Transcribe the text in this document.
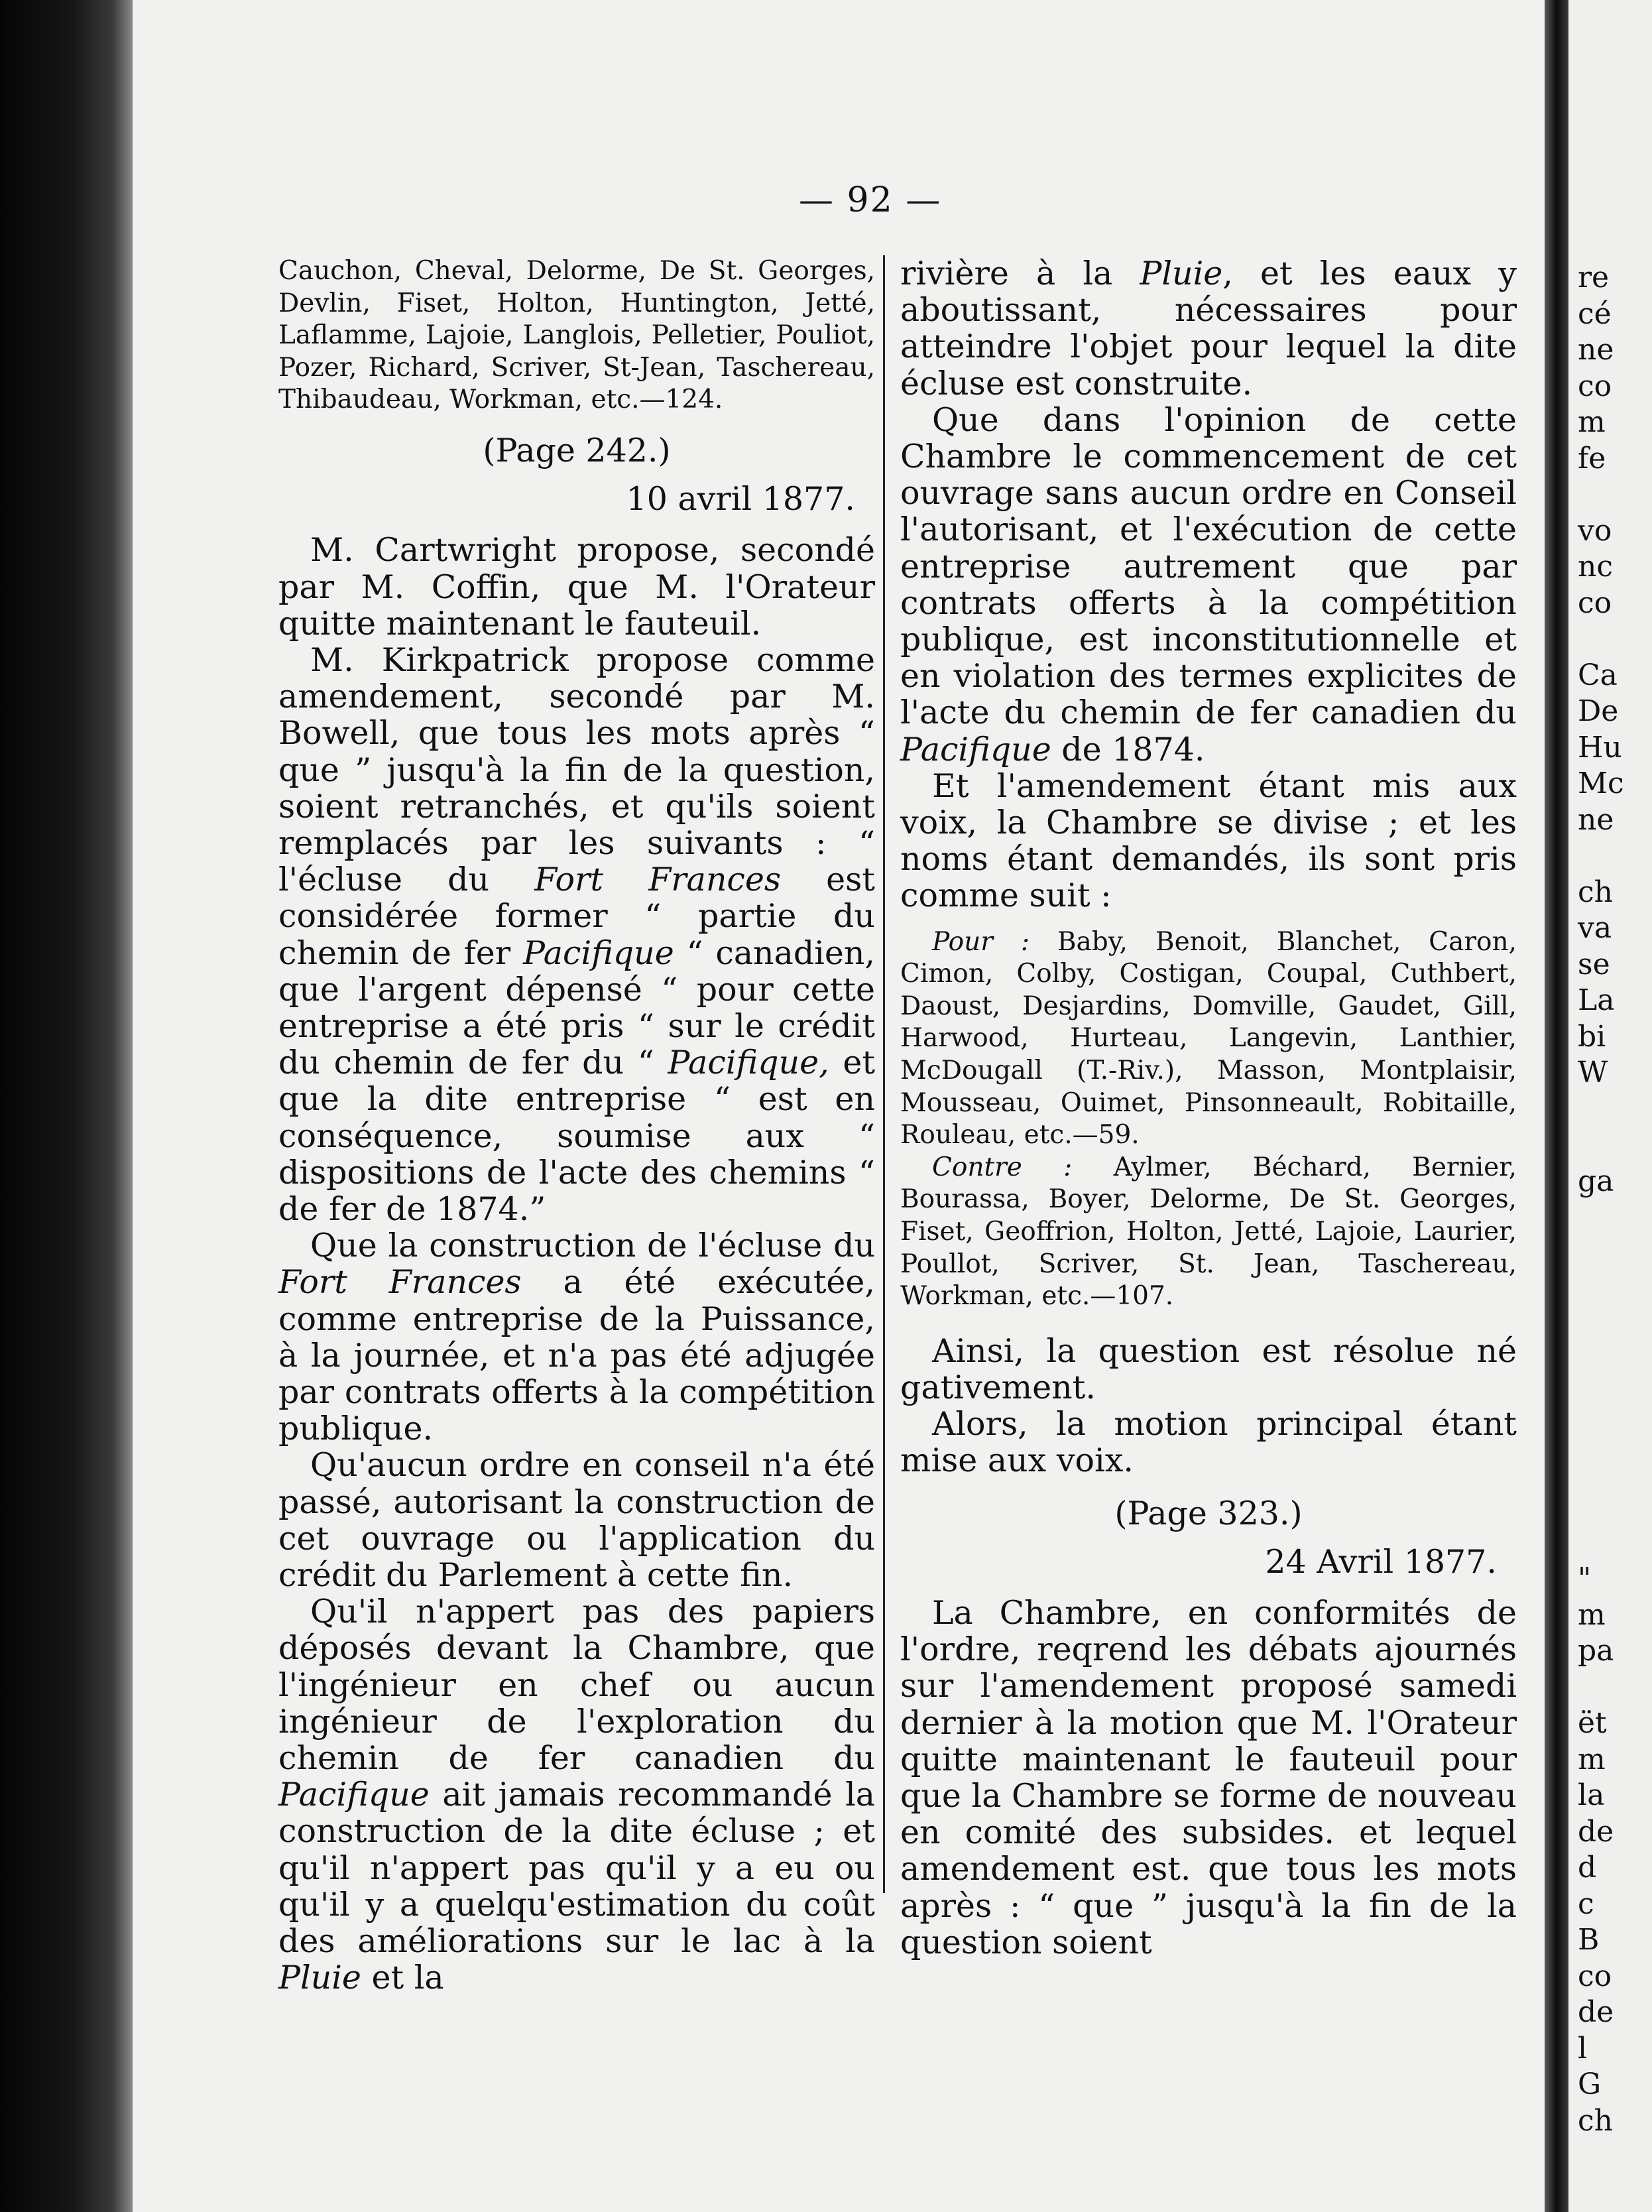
— 92 —

Cauchon, Cheval, Delorme, De St. Georges, Devlin, Fiset, Holton, Huntington, Jetté, Laflamme, Lajoie, Langlois, Pelletier, Pouliot, Pozer, Richard, Scriver, St-Jean, Taschereau, Thibaudeau, Workman, etc.—124.

(Page 242.)

10 avril 1877.

M. Cartwright propose, secondé par M. Coffin, que M. l'Orateur quitte maintenant le fauteuil.

M. Kirkpatrick propose comme amendement, secondé par M. Bowell, que tous les mots après “ que ” jusqu'à la fin de la question, soient retranchés, et qu'ils soient remplacés par les suivants : “ l'écluse du Fort Frances est considérée former “ partie du chemin de fer Pacifique “ canadien, que l'argent dépensé “ pour cette entreprise a été pris “ sur le crédit du chemin de fer du “ Pacifique, et que la dite entreprise “ est en conséquence, soumise aux “ dispositions de l'acte des chemins “ de fer de 1874.”

Que la construction de l'écluse du Fort Frances a été exécutée, comme entreprise de la Puissance, à la journée, et n'a pas été adjugée par contrats offerts à la compétition publique.

Qu'aucun ordre en conseil n'a été passé, autorisant la construction de cet ouvrage ou l'application du crédit du Parlement à cette fin.

Qu'il n'appert pas des papiers déposés devant la Chambre, que l'ingénieur en chef ou aucun ingénieur de l'exploration du chemin de fer canadien du Pacifique ait jamais recommandé la construction de la dite écluse ; et qu'il n'appert pas qu'il y a eu ou qu'il y a quelqu'estimation du coût des améliorations sur le lac à la Pluie et la

rivière à la Pluie, et les eaux y aboutissant, nécessaires pour atteindre l'objet pour lequel la dite écluse est construite.

Que dans l'opinion de cette Chambre le commencement de cet ouvrage sans aucun ordre en Conseil l'autorisant, et l'exécution de cette entreprise autrement que par contrats offerts à la compétition publique, est inconstitutionnelle et en violation des termes explicites de l'acte du chemin de fer canadien du Pacifique de 1874.

Et l'amendement étant mis aux voix, la Chambre se divise ; et les noms étant demandés, ils sont pris comme suit :

Pour : Baby, Benoit, Blanchet, Caron, Cimon, Colby, Costigan, Coupal, Cuthbert, Daoust, Desjardins, Domville, Gaudet, Gill, Harwood, Hurteau, Langevin, Lanthier, McDougall (T.-Riv.), Masson, Montplaisir, Mousseau, Ouimet, Pinsonneault, Robitaille, Rouleau, etc.—59.

Contre : Aylmer, Béchard, Bernier, Bourassa, Boyer, Delorme, De St. Georges, Fiset, Geoffrion, Holton, Jetté, Lajoie, Laurier, Poullot, Scriver, St. Jean, Taschereau, Workman, etc.—107.

Ainsi, la question est résolue né gativement.

Alors, la motion principal étant mise aux voix.

(Page 323.)

24 Avril 1877.

La Chambre, en conformités de l'ordre, reqrend les débats ajournés sur l'amendement proposé samedi dernier à la motion que M. l'Orateur quitte maintenant le fauteuil pour que la Chambre se forme de nouveau en comité des subsides. et lequel amendement est. que tous les mots après : “ que ” jusqu'à la fin de la question soient

re
cé
ne
co
m
fe
vo
nc
co
Ca
De
Hu
Mc
ne
ch
va
se
La
bi
W
ga
"
m
pa
ët
m
la
de
d
c
B
co
de
l
G
ch
